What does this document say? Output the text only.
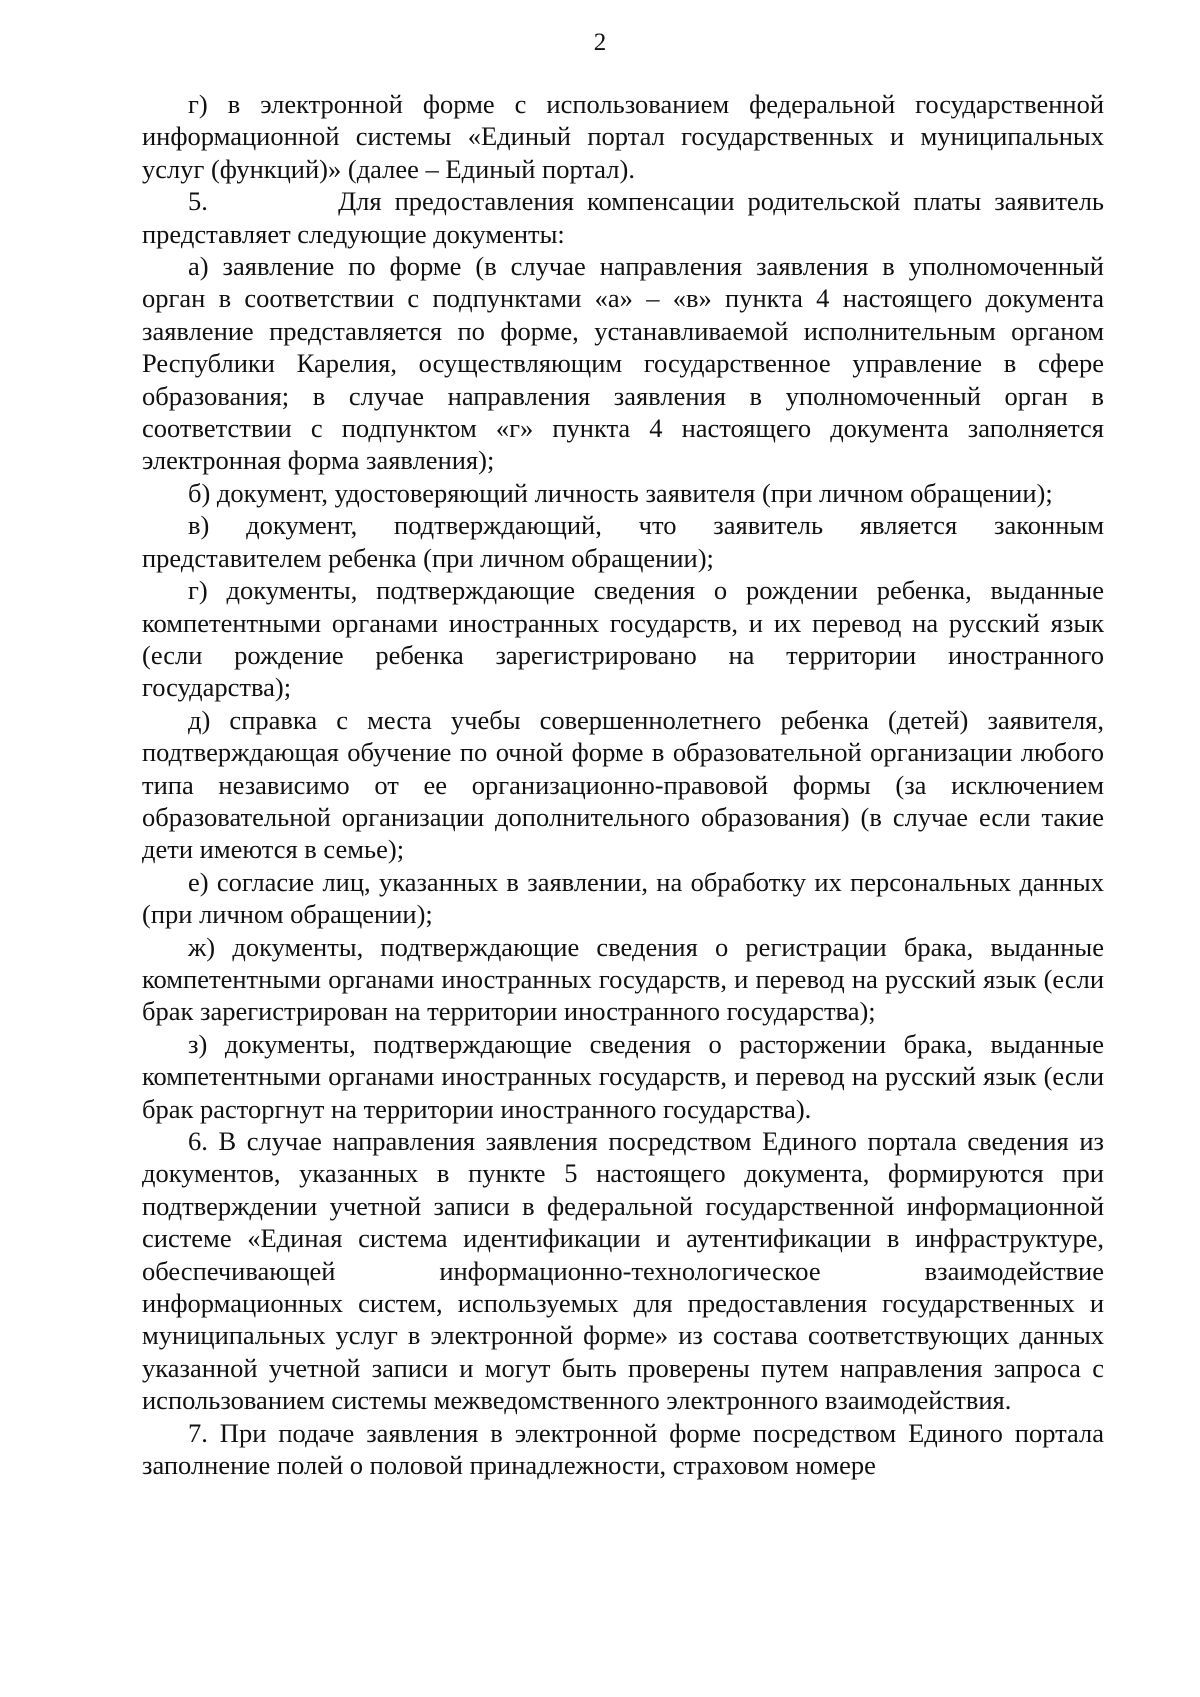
2

г) в электронной форме с использованием федеральной государственной информационной системы «Единый портал государственных и муниципальных услуг (функций)» (далее – Единый портал).

5.          Для предоставления компенсации родительской платы заявитель представляет следующие документы:

а) заявление по форме (в случае направления заявления в уполномоченный орган в соответствии с подпунктами «а» – «в» пункта 4 настоящего документа заявление представляется по форме, устанавливаемой исполнительным органом Республики Карелия, осуществляющим государственное управление в сфере образования; в случае направления заявления в уполномоченный орган в соответствии с подпунктом «г» пункта 4 настоящего документа заполняется электронная форма заявления);

б) документ, удостоверяющий личность заявителя (при личном обращении);

в) документ, подтверждающий, что заявитель является законным представителем ребенка (при личном обращении);

г) документы, подтверждающие сведения о рождении ребенка, выданные компетентными органами иностранных государств, и их перевод на русский язык (если рождение ребенка зарегистрировано на территории иностранного государства);

д) справка с места учебы совершеннолетнего ребенка (детей) заявителя, подтверждающая обучение по очной форме в образовательной организации любого типа независимо от ее организационно-правовой формы (за исключением образовательной организации дополнительного образования) (в случае если такие дети имеются в семье);

е) согласие лиц, указанных в заявлении, на обработку их персональных данных (при личном обращении);

ж) документы, подтверждающие сведения о регистрации брака, выданные компетентными органами иностранных государств, и перевод на русский язык (если брак зарегистрирован на территории иностранного государства);

з) документы, подтверждающие сведения о расторжении брака, выданные компетентными органами иностранных государств, и перевод на русский язык (если брак расторгнут на территории иностранного государства).

6. В случае направления заявления посредством Единого портала сведения из документов, указанных в пункте 5 настоящего документа, формируются при подтверждении учетной записи в федеральной государственной информационной системе «Единая система идентификации и аутентификации в инфраструктуре, обеспечивающей информационно-технологическое взаимодействие информационных систем, используемых для предоставления государственных и муниципальных услуг в электронной форме» из состава соответствующих данных указанной учетной записи и могут быть проверены путем направления запроса с использованием системы межведомственного электронного взаимодействия.

7. При подаче заявления в электронной форме посредством Единого портала заполнение полей о половой принадлежности, страховом номере
